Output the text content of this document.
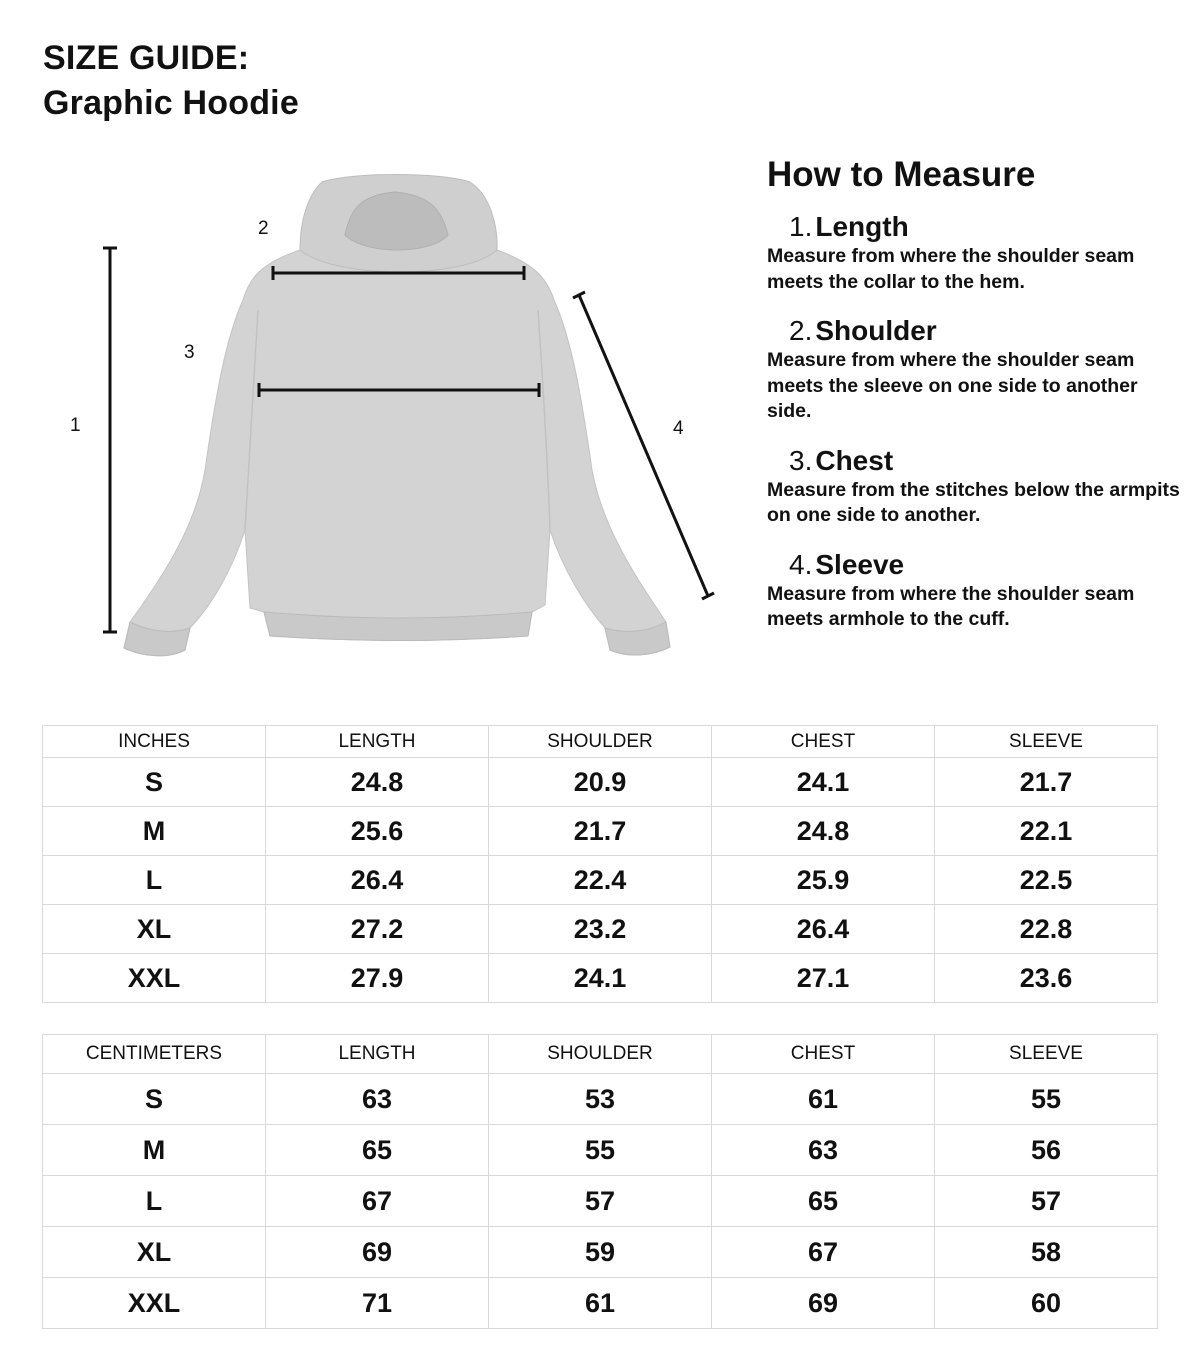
SIZE GUIDE:
Graphic Hoodie
1
2
3
4
How to Measure
1. Length
Measure from where the shoulder seam meets the collar to the hem.
2. Shoulder
Measure from where the shoulder seam meets the sleeve on one side to another side.
3. Chest
Measure from the stitches below the armpits on one side to another.
4. Sleeve
Measure from where the shoulder seam meets armhole to the cuff.
INCHES	LENGTH	SHOULDER	CHEST	SLEEVE
S	24.8	20.9	24.1	21.7
M	25.6	21.7	24.8	22.1
L	26.4	22.4	25.9	22.5
XL	27.2	23.2	26.4	22.8
XXL	27.9	24.1	27.1	23.6
CENTIMETERS	LENGTH	SHOULDER	CHEST	SLEEVE
S	63	53	61	55
M	65	55	63	56
L	67	57	65	57
XL	69	59	67	58
XXL	71	61	69	60
